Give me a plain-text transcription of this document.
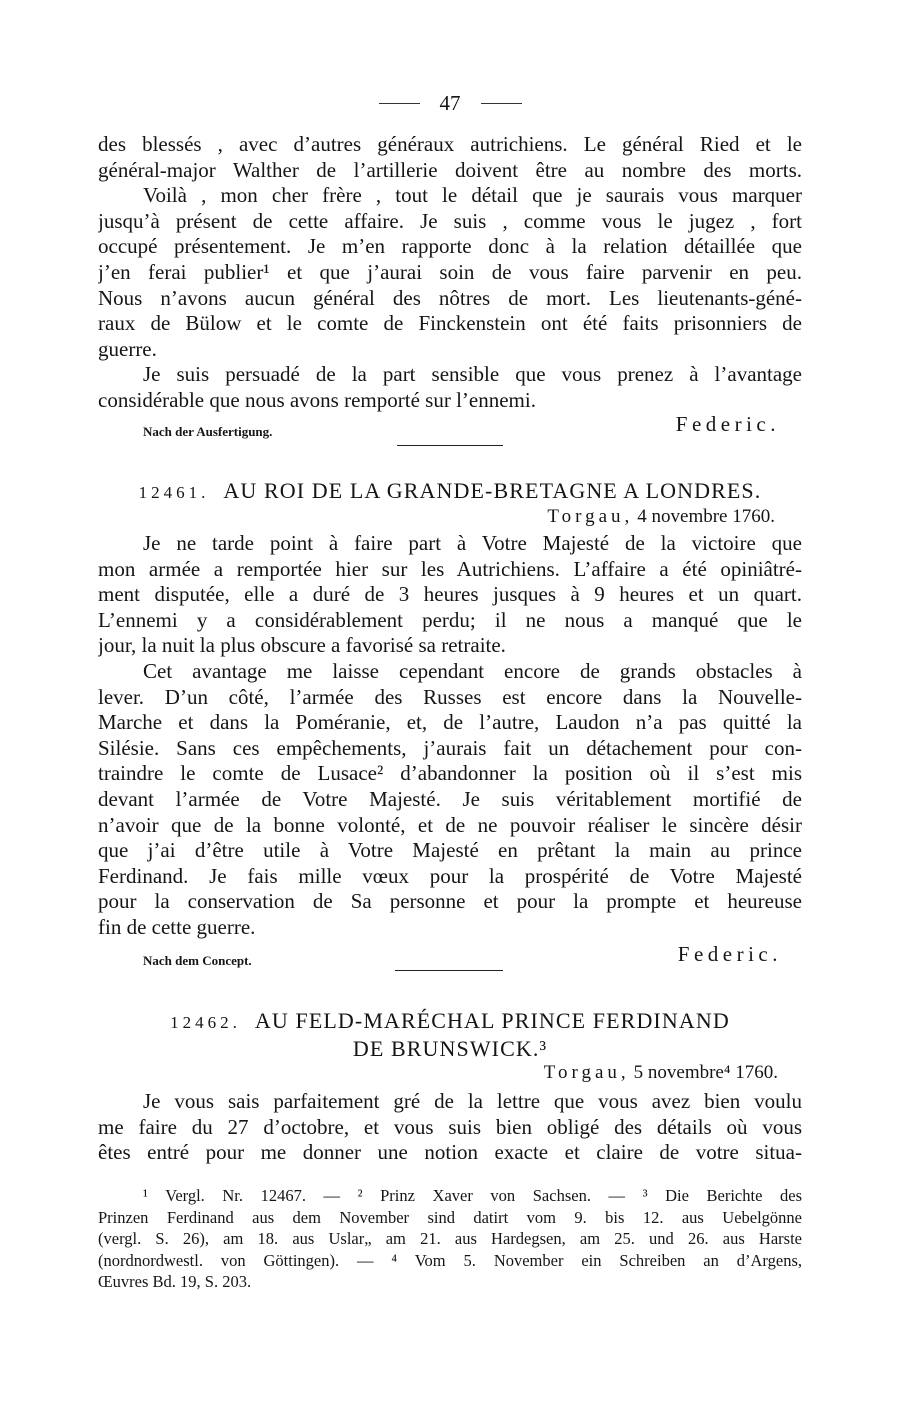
47
des blessés , avec d’autres généraux autrichiens. Le général Ried et le
général-major Walther de l’artillerie doivent être au nombre des morts.
Voilà , mon cher frère , tout le détail que je saurais vous marquer
jusqu’à présent de cette affaire. Je suis , comme vous le jugez , fort
occupé présentement. Je m’en rapporte donc à la relation détaillée que
j’en ferai publier¹ et que j’aurai soin de vous faire parvenir en peu.
Nous n’avons aucun général des nôtres de mort. Les lieutenants-géné-
raux de Bülow et le comte de Finckenstein ont été faits prisonniers de
guerre.
Je suis persuadé de la part sensible que vous prenez à l’avantage
considérable que nous avons remporté sur l’ennemi.
Nach der Ausfertigung.	Federic.
12461. AU ROI DE LA GRANDE-BRETAGNE A LONDRES.
Torgau, 4 novembre 1760.
Je ne tarde point à faire part à Votre Majesté de la victoire que
mon armée a remportée hier sur les Autrichiens. L’affaire a été opiniâtré-
ment disputée, elle a duré de 3 heures jusques à 9 heures et un quart.
L’ennemi y a considérablement perdu; il ne nous a manqué que le
jour, la nuit la plus obscure a favorisé sa retraite.
Cet avantage me laisse cependant encore de grands obstacles à
lever. D’un côté, l’armée des Russes est encore dans la Nouvelle-
Marche et dans la Poméranie, et, de l’autre, Laudon n’a pas quitté la
Silésie. Sans ces empêchements, j’aurais fait un détachement pour con-
traindre le comte de Lusace² d’abandonner la position où il s’est mis
devant l’armée de Votre Majesté. Je suis véritablement mortifié de
n’avoir que de la bonne volonté, et de ne pouvoir réaliser le sincère désir
que j’ai d’être utile à Votre Majesté en prêtant la main au prince
Ferdinand. Je fais mille vœux pour la prospérité de Votre Majesté
pour la conservation de Sa personne et pour la prompte et heureuse
fin de cette guerre.
Nach dem Concept.	Federic.
12462. AU FELD-MARÉCHAL PRINCE FERDINAND
DE BRUNSWICK.³
Torgau, 5 novembre⁴ 1760.
Je vous sais parfaitement gré de la lettre que vous avez bien voulu
me faire du 27 d’octobre, et vous suis bien obligé des détails où vous
êtes entré pour me donner une notion exacte et claire de votre situa-
¹ Vergl. Nr. 12467. — ² Prinz Xaver von Sachsen. — ³ Die Berichte des
Prinzen Ferdinand aus dem November sind datirt vom 9. bis 12. aus Uebelgönne
(vergl. S. 26), am 18. aus Uslar„ am 21. aus Hardegsen, am 25. und 26. aus Harste
(nordnordwestl. von Göttingen). — ⁴ Vom 5. November ein Schreiben an d’Argens,
Œuvres Bd. 19, S. 203.
